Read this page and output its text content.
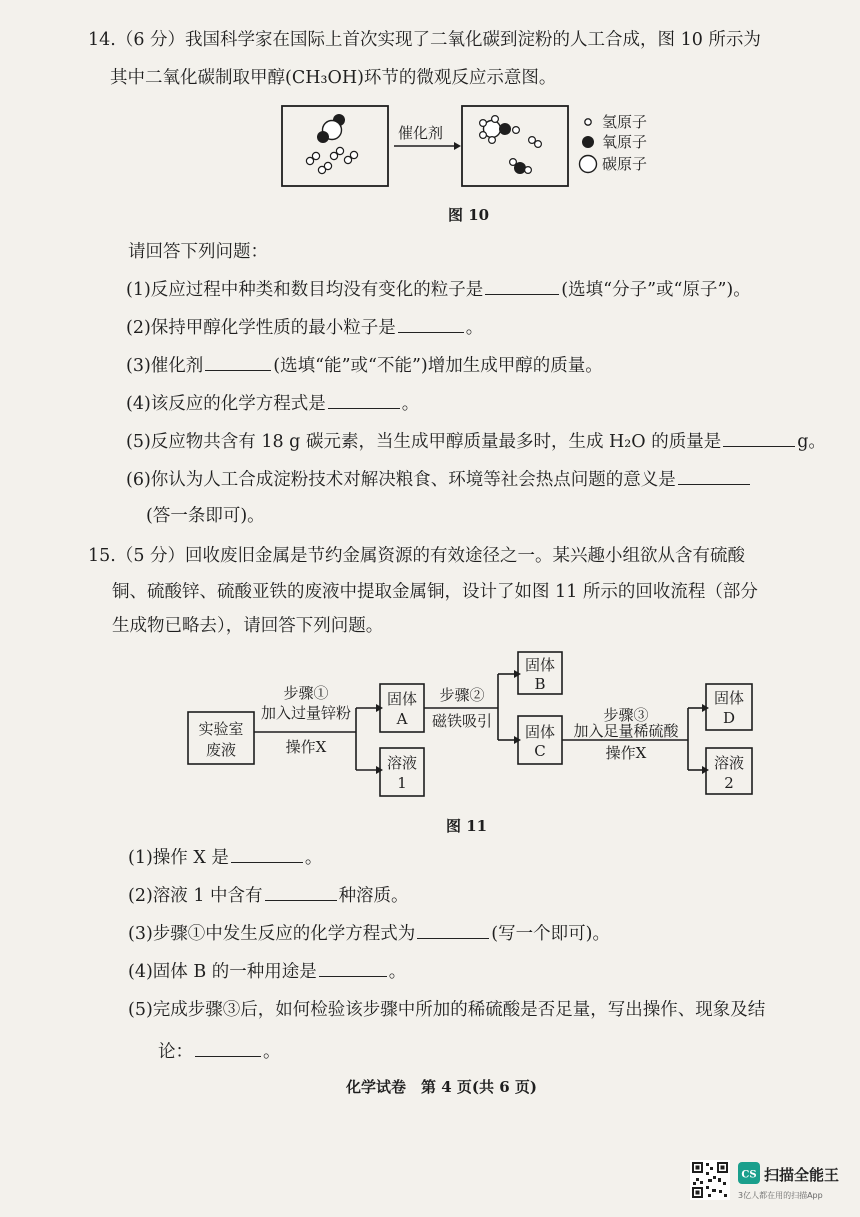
14.（6 分）我国科学家在国际上首次实现了二氧化碳到淀粉的人工合成，图 10 所示为
其中二氧化碳制取甲醇(CH₃OH)环节的微观反应示意图。
催化剂
氢原子
氧原子
碳原子
图 10
请回答下列问题：
(1)反应过程中种类和数目均没有变化的粒子是	(选填“分子”或“原子”)。
(2)保持甲醇化学性质的最小粒子是	。
(3)催化剂	(选填“能”或“不能”)增加生成甲醇的质量。
(4)该反应的化学方程式是	。
(5)反应物共含有 18 g 碳元素，当生成甲醇质量最多时，生成 H₂O 的质量是	g。
(6)你认为人工合成淀粉技术对解决粮食、环境等社会热点问题的意义是
(答一条即可)。
15.（5 分）回收废旧金属是节约金属资源的有效途径之一。某兴趣小组欲从含有硫酸
铜、硫酸锌、硫酸亚铁的废液中提取金属铜，设计了如图 11 所示的回收流程（部分
生成物已略去），请回答下列问题。
实验室
废液
步骤①
加入过量锌粉
操作X
固体
A
溶液
1
步骤②
磁铁吸引
固体
B
固体
C
步骤③
加入足量稀硫酸
操作X
固体
D
溶液
2
图 11
(1)操作 X 是	。
(2)溶液 1 中含有	种溶质。
(3)步骤①中发生反应的化学方程式为	(写一个即可)。
(4)固体 B 的一种用途是	。
(5)完成步骤③后，如何检验该步骤中所加的稀硫酸是否足量，写出操作、现象及结
论：	。
化学试卷　第 4 页(共 6 页)
CS 扫描全能王
3亿人都在用的扫描App
